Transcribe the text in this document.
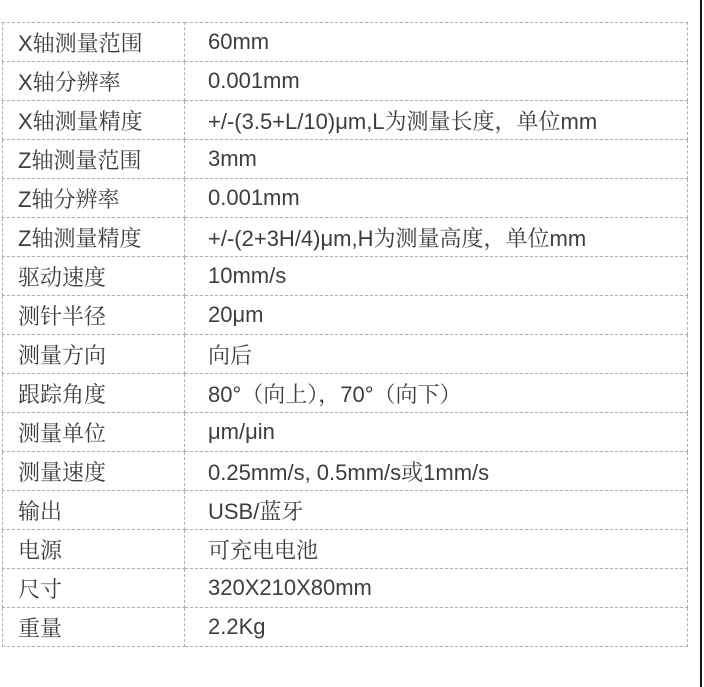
X轴测量范围	60mm
X轴分辨率	0.001mm
X轴测量精度	+/-(3.5+L/10)μm,L为测量长度，单位mm
Z轴测量范围	3mm
Z轴分辨率	0.001mm
Z轴测量精度	+/-(2+3H/4)μm,H为测量高度，单位mm
驱动速度	10mm/s
测针半径	20μm
测量方向	向后
跟踪角度	80°（向上），70°（向下）
测量单位	μm/μin
测量速度	0.25mm/s, 0.5mm/s或1mm/s
输出	USB/蓝牙
电源	可充电电池
尺寸	320X210X80mm
重量	2.2Kg
